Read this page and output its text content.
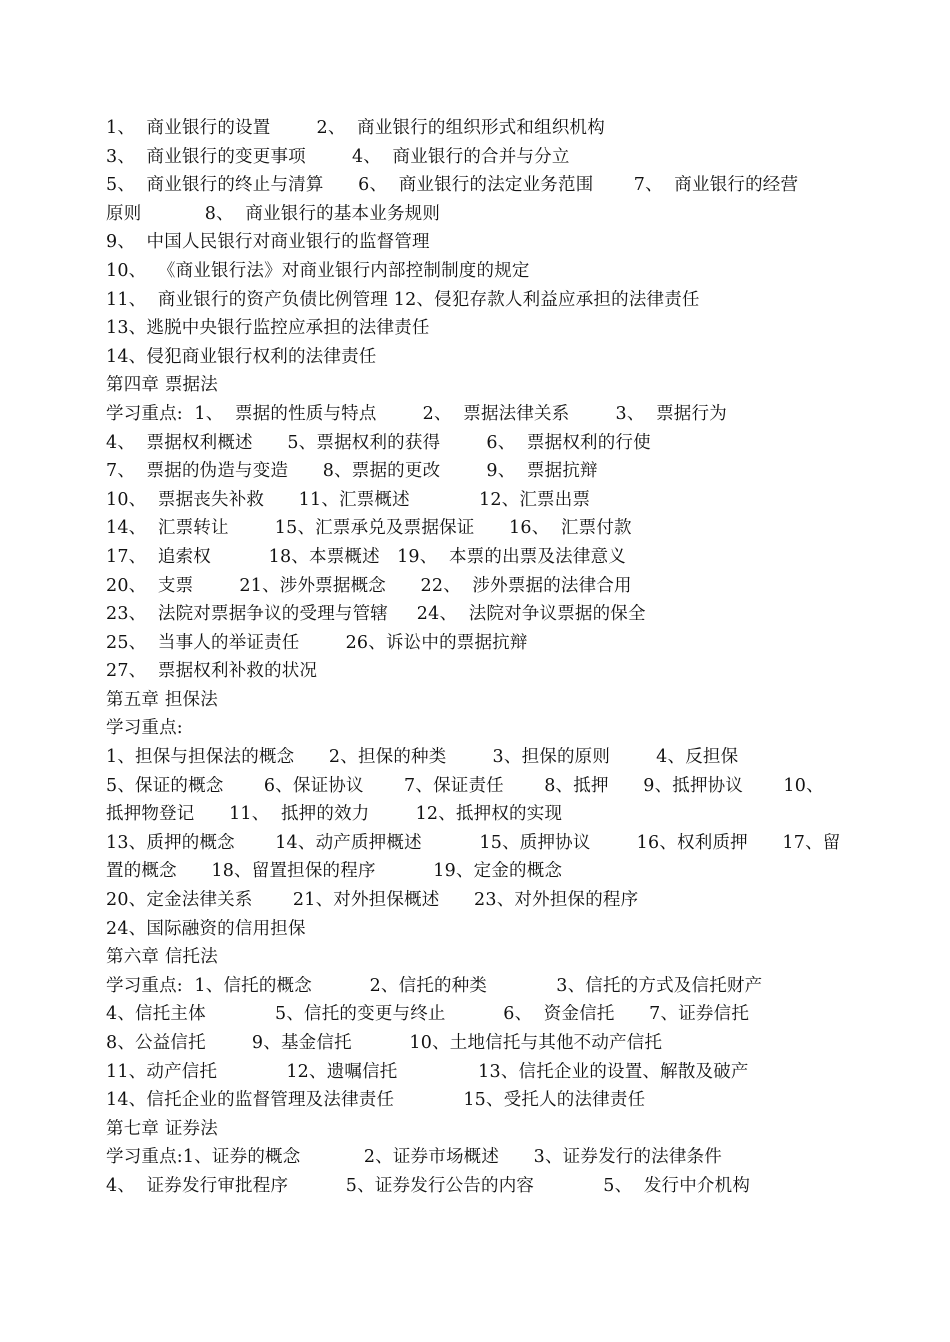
1、  商业银行的设置        2、  商业银行的组织形式和组织机构
3、  商业银行的变更事项        4、  商业银行的合并与分立
5、  商业银行的终止与清算      6、  商业银行的法定业务范围       7、  商业银行的经营
原则           8、  商业银行的基本业务规则
9、  中国人民银行对商业银行的监督管理
10、  《商业银行法》对商业银行内部控制制度的规定
11、  商业银行的资产负债比例管理 12、侵犯存款人利益应承担的法律责任
13、逃脱中央银行监控应承担的法律责任
14、侵犯商业银行权利的法律责任
第四章 票据法
学习重点:  1、  票据的性质与特点        2、  票据法律关系        3、  票据行为
4、  票据权利概述      5、票据权利的获得        6、  票据权利的行使
7、  票据的伪造与变造      8、票据的更改        9、  票据抗辩
10、  票据丧失补救      11、汇票概述            12、汇票出票
14、  汇票转让        15、汇票承兑及票据保证      16、  汇票付款
17、  追索权          18、本票概述   19、  本票的出票及法律意义
20、  支票        21、涉外票据概念      22、  涉外票据的法律合用
23、  法院对票据争议的受理与管辖     24、  法院对争议票据的保全
25、  当事人的举证责任        26、诉讼中的票据抗辩
27、  票据权利补救的状况
第五章 担保法
学习重点:
1、担保与担保法的概念      2、担保的种类        3、担保的原则        4、反担保
5、保证的概念       6、保证协议       7、保证责任       8、抵押      9、抵押协议       10、
抵押物登记      11、  抵押的效力        12、抵押权的实现
13、质押的概念       14、动产质押概述          15、质押协议        16、权利质押      17、留
置的概念      18、留置担保的程序          19、定金的概念
20、定金法律关系       21、对外担保概述      23、对外担保的程序
24、国际融资的信用担保
第六章 信托法
学习重点:  1、信托的概念          2、信托的种类            3、信托的方式及信托财产
4、信托主体            5、信托的变更与终止          6、  资金信托      7、证券信托
8、公益信托        9、基金信托          10、土地信托与其他不动产信托
11、动产信托            12、遗嘱信托              13、信托企业的设置、解散及破产
14、信托企业的监督管理及法律责任            15、受托人的法律责任
第七章 证券法
学习重点:1、证券的概念           2、证券市场概述      3、证券发行的法律条件
4、  证券发行审批程序          5、证券发行公告的内容            5、  发行中介机构
